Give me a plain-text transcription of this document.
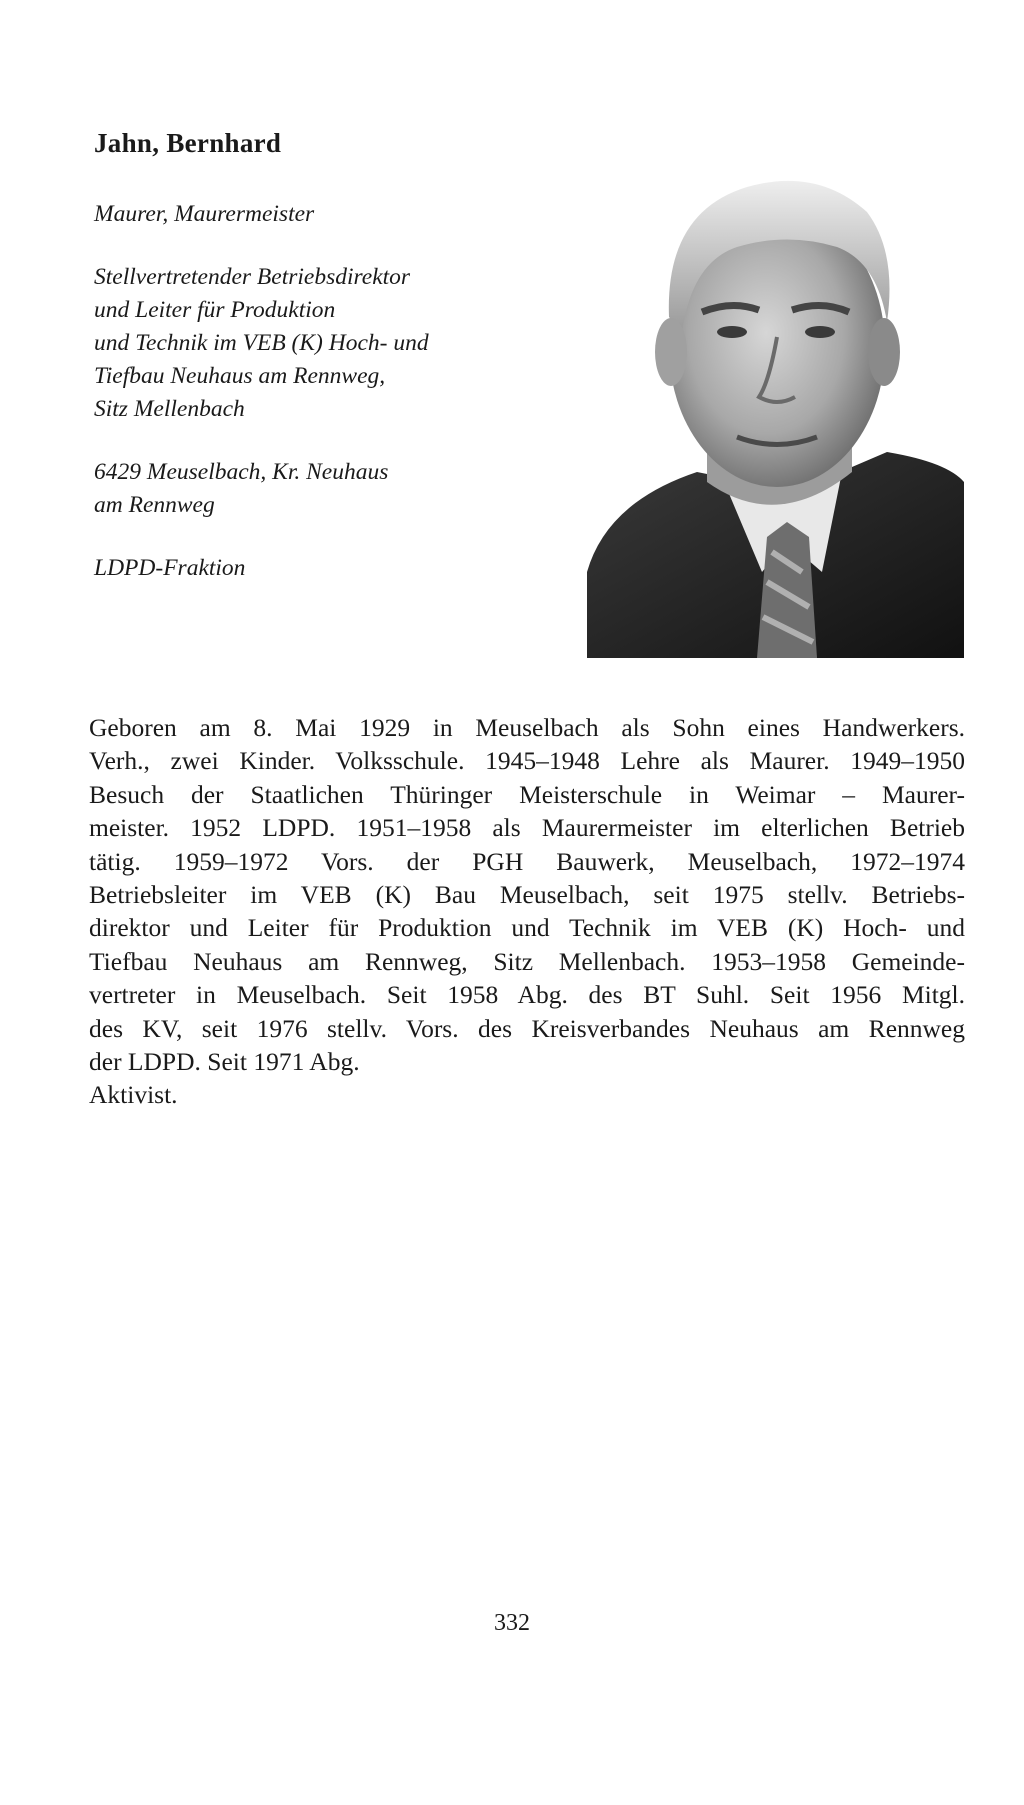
Jahn, Bernhard

Maurer, Maurermeister

Stellvertretender Betriebsdirektor

und Leiter für Produktion

und Technik im VEB (K) Hoch- und

Tiefbau Neuhaus am Rennweg,

Sitz Mellenbach

6429 Meuselbach, Kr. Neuhaus

am Rennweg

LDPD-Fraktion

Geboren am 8. Mai 1929 in Meuselbach als Sohn eines Handwerkers.
Verh., zwei Kinder. Volksschule. 1945–1948 Lehre als Maurer. 1949–1950
Besuch der Staatlichen Thüringer Meisterschule in Weimar – Maurer-
meister. 1952 LDPD. 1951–1958 als Maurermeister im elterlichen Betrieb
tätig. 1959–1972 Vors. der PGH Bauwerk, Meuselbach, 1972–1974
Betriebsleiter im VEB (K) Bau Meuselbach, seit 1975 stellv. Betriebs-
direktor und Leiter für Produktion und Technik im VEB (K) Hoch- und
Tiefbau Neuhaus am Rennweg, Sitz Mellenbach. 1953–1958 Gemeinde-
vertreter in Meuselbach. Seit 1958 Abg. des BT Suhl. Seit 1956 Mitgl.
des KV, seit 1976 stellv. Vors. des Kreisverbandes Neuhaus am Rennweg
der LDPD. Seit 1971 Abg.
Aktivist.
332
